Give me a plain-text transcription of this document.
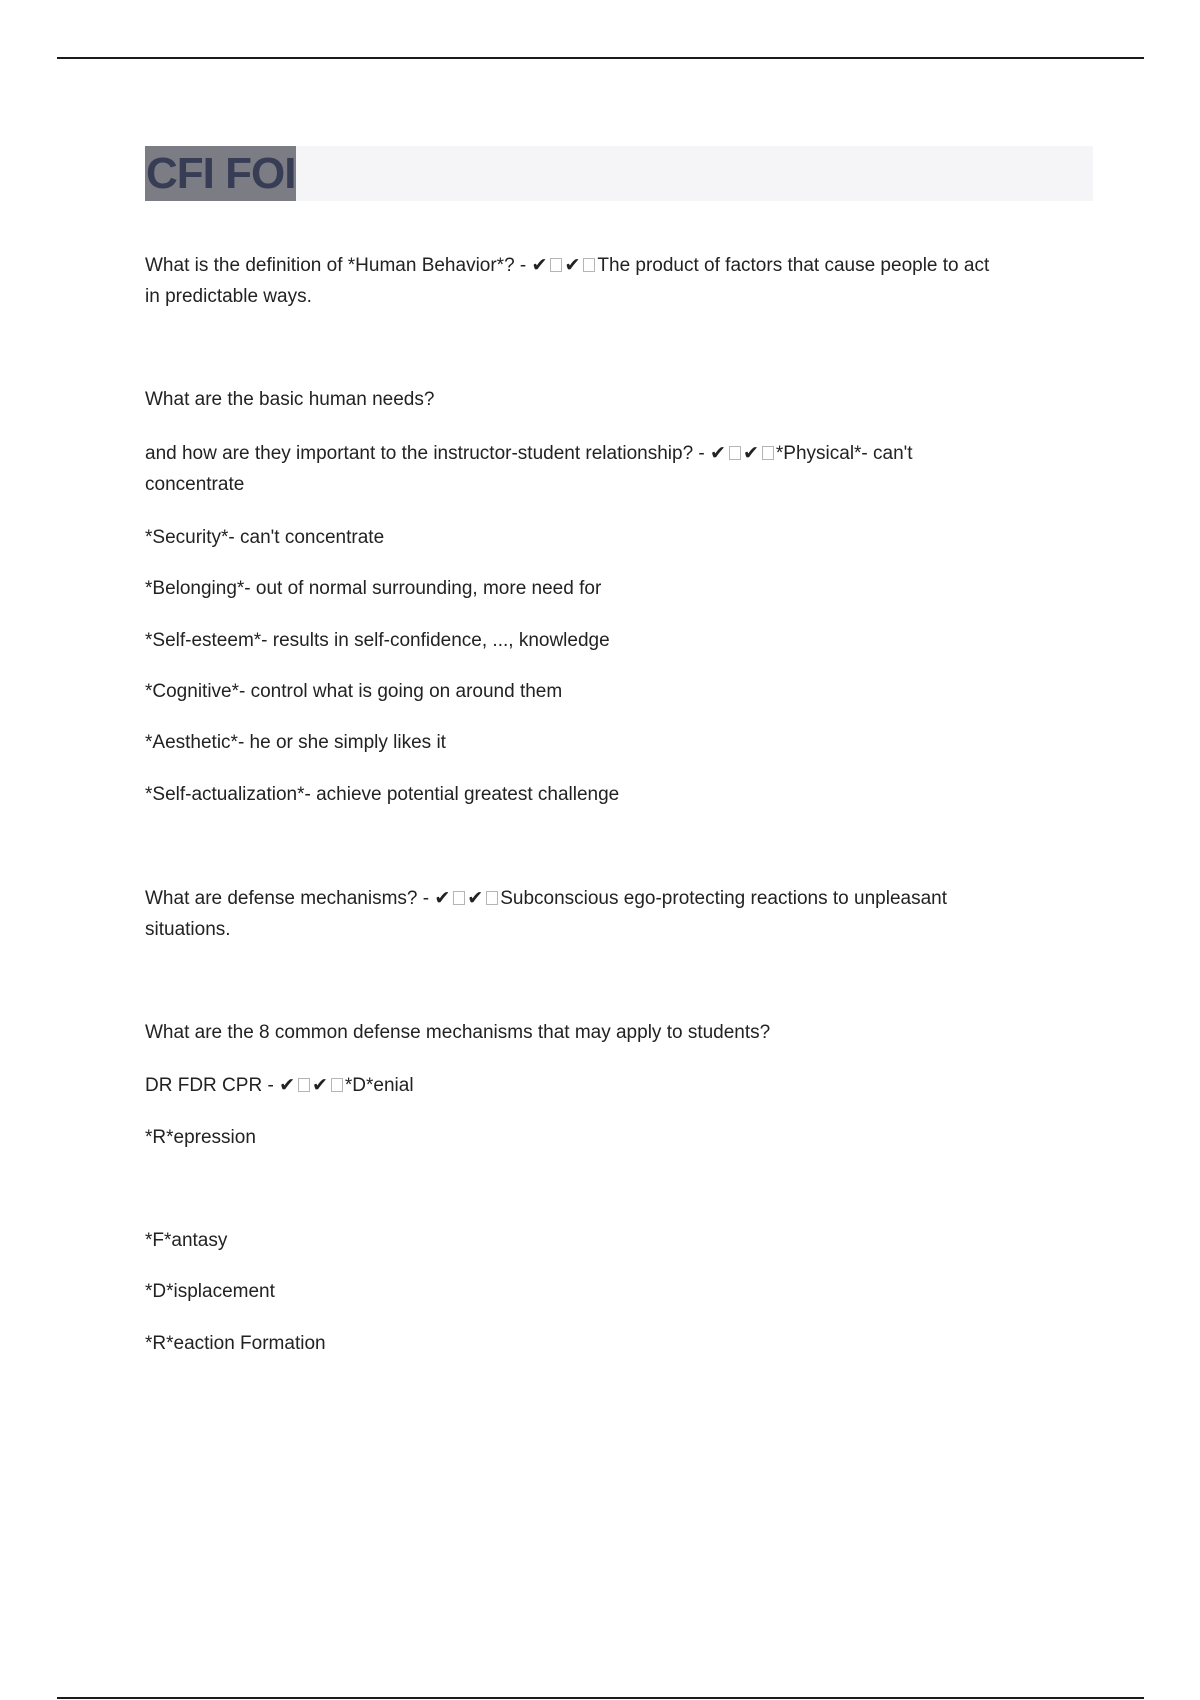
CFI FOI
What is the definition of *Human Behavior*? - ✔ ✔ The product of factors that cause people to act
in predictable ways.
What are the basic human needs?
and how are they important to the instructor-student relationship? - ✔ ✔ *Physical*- can't
concentrate
*Security*- can't concentrate
*Belonging*- out of normal surrounding, more need for
*Self-esteem*- results in self-confidence, ..., knowledge
*Cognitive*- control what is going on around them
*Aesthetic*- he or she simply likes it
*Self-actualization*- achieve potential greatest challenge
What are defense mechanisms? - ✔ ✔ Subconscious ego-protecting reactions to unpleasant
situations.
What are the 8 common defense mechanisms that may apply to students?
DR FDR CPR - ✔ ✔ *D*enial
*R*epression
*F*antasy
*D*isplacement
*R*eaction Formation
